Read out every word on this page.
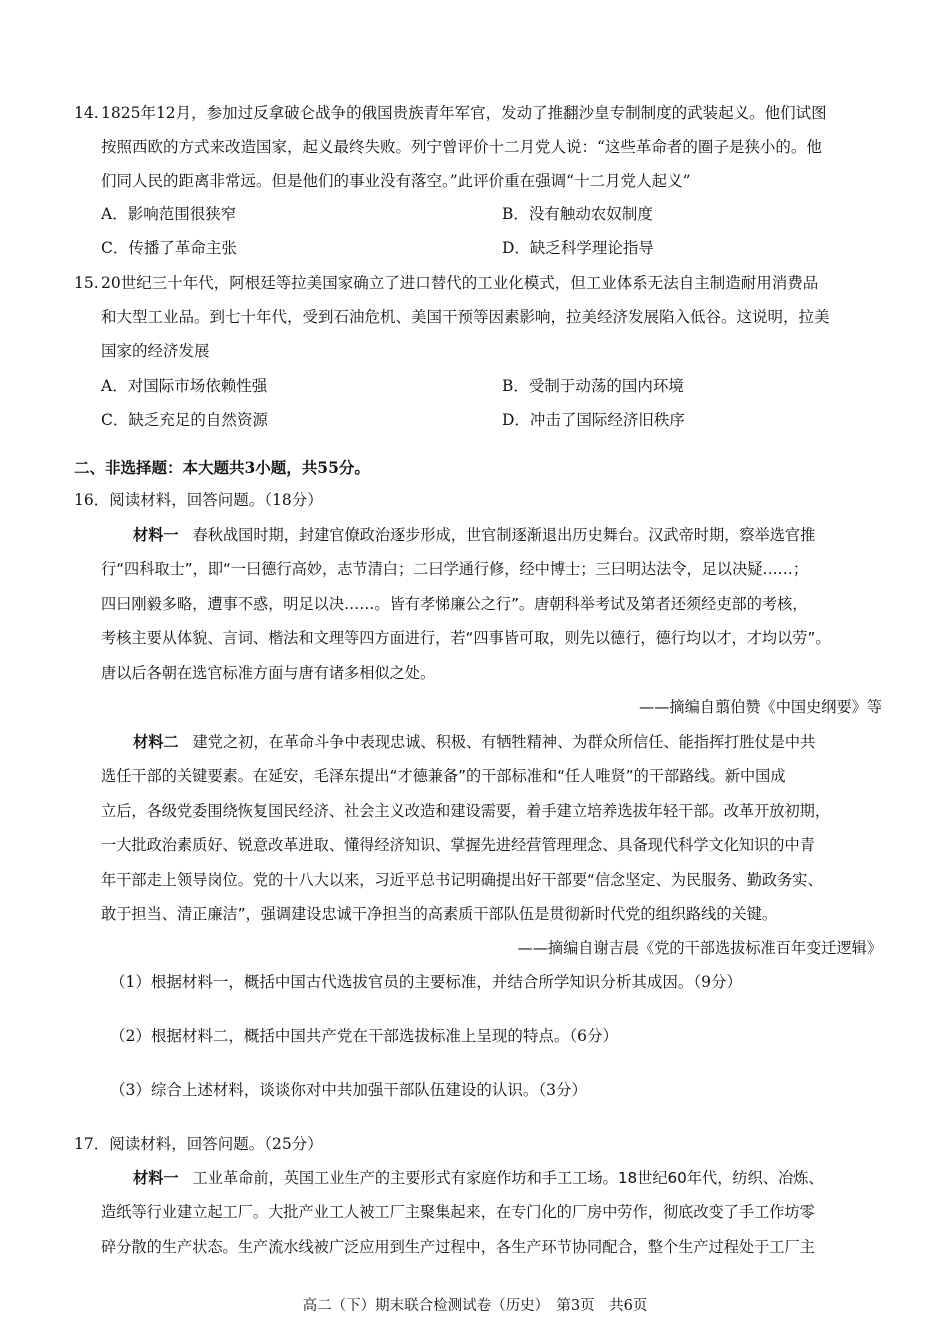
14. 1825年12月，参加过反拿破仑战争的俄国贵族青年军官，发动了推翻沙皇专制制度的武装起义。他们试图
按照西欧的方式来改造国家，起义最终失败。列宁曾评价十二月党人说：“这些革命者的圈子是狭小的。他
们同人民的距离非常远。但是他们的事业没有落空。”此评价重在强调“十二月党人起义”
A．影响范围很狭窄	B．没有触动农奴制度
C．传播了革命主张	D．缺乏科学理论指导
15. 20世纪三十年代，阿根廷等拉美国家确立了进口替代的工业化模式，但工业体系无法自主制造耐用消费品
和大型工业品。到七十年代，受到石油危机、美国干预等因素影响，拉美经济发展陷入低谷。这说明，拉美
国家的经济发展
A．对国际市场依赖性强	B．受制于动荡的国内环境
C．缺乏充足的自然资源	D．冲击了国际经济旧秩序
二、非选择题：本大题共3小题，共55分。
16．阅读材料，回答问题。（18分）
材料一 春秋战国时期，封建官僚政治逐步形成，世官制逐渐退出历史舞台。汉武帝时期，察举选官推
行“四科取士”，即“一曰德行高妙，志节清白；二曰学通行修，经中博士；三曰明达法令，足以决疑……；
四曰刚毅多略，遭事不惑，明足以决……。皆有孝悌廉公之行”。唐朝科举考试及第者还须经吏部的考核，
考核主要从体貌、言词、楷法和文理等四方面进行，若“四事皆可取，则先以德行，德行均以才，才均以劳”。
唐以后各朝在选官标准方面与唐有诸多相似之处。
——摘编自翦伯赞《中国史纲要》等
材料二 建党之初，在革命斗争中表现忠诚、积极、有牺牲精神、为群众所信任、能指挥打胜仗是中共
选任干部的关键要素。在延安，毛泽东提出“才德兼备”的干部标准和“任人唯贤”的干部路线。新中国成
立后，各级党委围绕恢复国民经济、社会主义改造和建设需要，着手建立培养选拔年轻干部。改革开放初期，
一大批政治素质好、锐意改革进取、懂得经济知识、掌握先进经营管理理念、具备现代科学文化知识的中青
年干部走上领导岗位。党的十八大以来，习近平总书记明确提出好干部要“信念坚定、为民服务、勤政务实、
敢于担当、清正廉洁”，强调建设忠诚干净担当的高素质干部队伍是贯彻新时代党的组织路线的关键。
——摘编自谢吉晨《党的干部选拔标准百年变迁逻辑》
（1）根据材料一，概括中国古代选拔官员的主要标准，并结合所学知识分析其成因。（9分）
（2）根据材料二，概括中国共产党在干部选拔标准上呈现的特点。（6分）
（3）综合上述材料，谈谈你对中共加强干部队伍建设的认识。（3分）
17．阅读材料，回答问题。（25分）
材料一 工业革命前，英国工业生产的主要形式有家庭作坊和手工工场。18世纪60年代，纺织、冶炼、
造纸等行业建立起工厂。大批产业工人被工厂主聚集起来，在专门化的厂房中劳作，彻底改变了手工作坊零
碎分散的生产状态。生产流水线被广泛应用到生产过程中，各生产环节协同配合，整个生产过程处于工厂主
高二（下）期末联合检测试卷（历史）　第3页　共6页
